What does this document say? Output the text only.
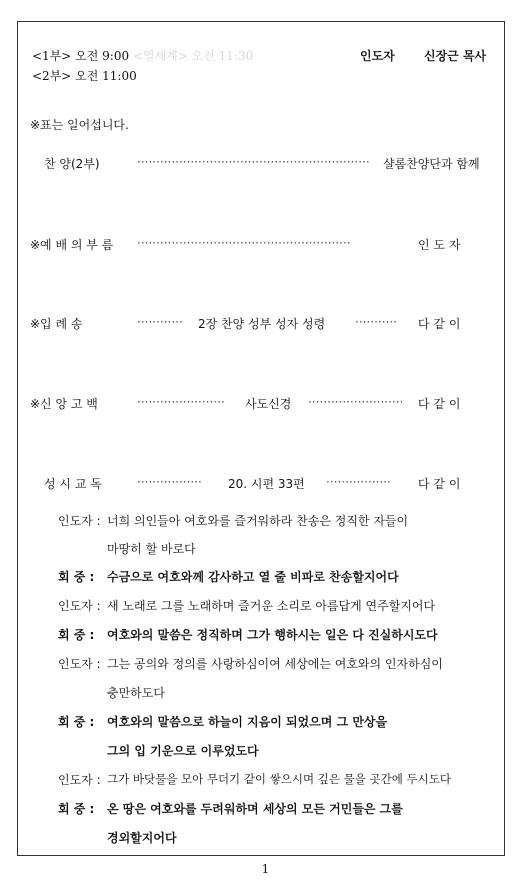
<1부> 오전 9:00 <열세계> 오전 11:30
<2부> 오전 11:00
인도자 신장근 목사
※표는 일어섭니다.
찬 양(2부)	····························································· 샬롬찬양단과 함께
※예 배 의 부 름 ························································	인 도 자
※입 례 송	············ 2장 찬양 성부 성자 성령 ··········· 다 같 이
※신 앙 고 백	······················· 사도신경 ························· 다 같 이
성 시 교 독	················· 20. 시편 33편 ················· 다 같 이
인도자 : 너희 의인들아 여호와를 즐거워하라 찬송은 정직한 자들이
마땅히 할 바로다
회 중 : 수금으로 여호와께 감사하고 열 줄 비파로 찬송할지어다
인도자 : 새 노래로 그를 노래하며 즐거운 소리로 아름답게 연주할지어다
회 중 : 여호와의 말씀은 정직하며 그가 행하시는 일은 다 진실하시도다
인도자 : 그는 공의와 정의를 사랑하심이여 세상에는 여호와의 인자하심이
충만하도다
회 중 : 여호와의 말씀으로 하늘이 지음이 되었으며 그 만상을
그의 입 기운으로 이루었도다
인도자 : 그가 바닷물을 모아 무더기 같이 쌓으시며 깊은 물을 곳간에 두시도다
회 중 : 온 땅은 여호와를 두려워하며 세상의 모든 거민들은 그를
경외할지어다
1
